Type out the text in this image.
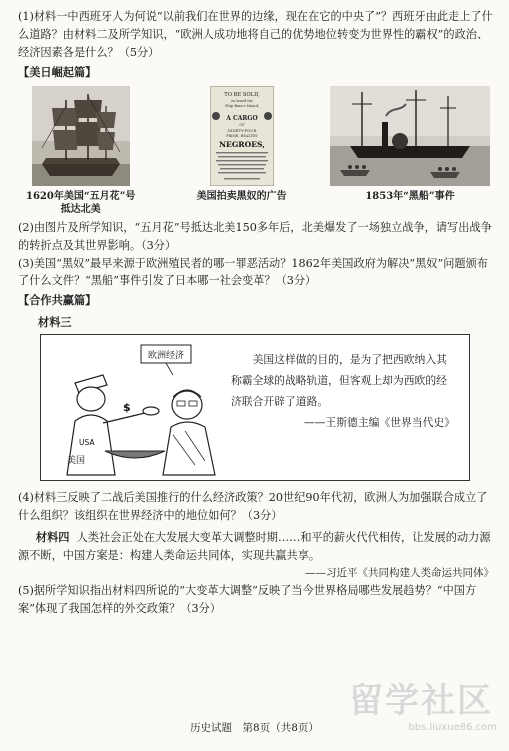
(1)材料一中西班牙人为何说“以前我们在世界的边缘，现在在它的中央了”？西班牙由此走上了什么道路？由材料二及所学知识，“欧洲人成功地将自己的优势地位转变为世界性的霸权”的政治、经济因素各是什么？（5分）

【美日崛起篇】

1620年美国“五月花”号
抵达北美
TO BE SOLD,
on board the
Ship Bance Island,
A CARGO
OF
NINETY-FOUR
PRIME, HEALTHY
NEGROES,
美国拍卖黑奴的广告	1853年“黑船”事件

(2)由图片及所学知识，“五月花”号抵达北美150多年后，北美爆发了一场独立战争，请写出战争的转折点及其世界影响。（3分）

(3)美国“黑奴”最早来源于欧洲殖民者的哪一罪恶活动？1862年美国政府为解决“黑奴”问题颁布了什么文件？“黑船”事件引发了日本哪一社会变革？（3分）

【合作共赢篇】

材料三

欧洲经济
USA
美国
$

美国这样做的目的，是为了把西欧纳入其称霸全球的战略轨道，但客观上却为西欧的经济联合开辟了道路。

——王斯德主编《世界当代史》

(4)材料三反映了二战后美国推行的什么经济政策？20世纪90年代初，欧洲人为加强联合成立了什么组织？该组织在世界经济中的地位如何？（3分）

材料四 人类社会正处在大发展大变革大调整时期……和平的薪火代代相传，让发展的动力源源不断，中国方案是：构建人类命运共同体，实现共赢共享。

——习近平《共同构建人类命运共同体》

(5)据所学知识指出材料四所说的“大变革大调整”反映了当今世界格局哪些发展趋势？“中国方案”体现了我国怎样的外交政策？（3分）

历史试题　第8页（共8页）
留学社区
bbs.liuxue86.com
